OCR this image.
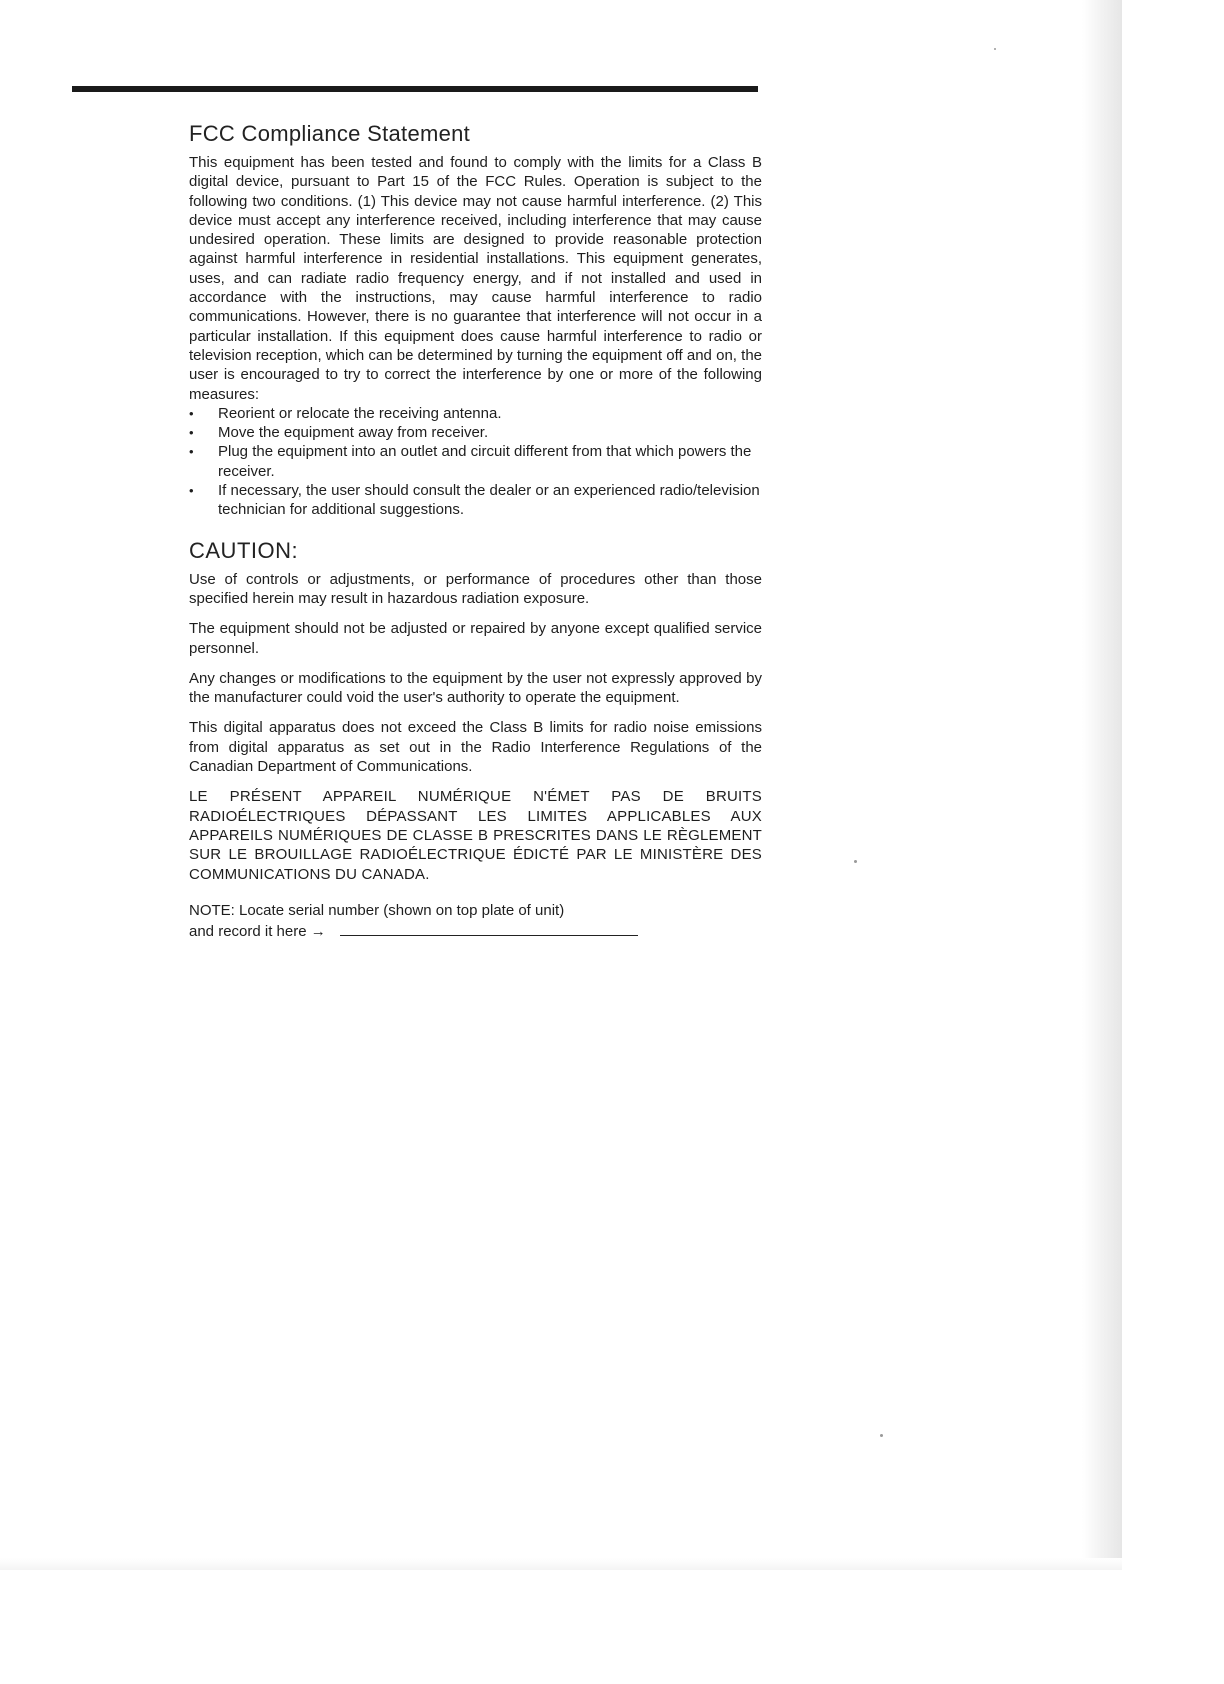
FCC Compliance Statement

This equipment has been tested and found to comply with the limits for a Class B digital device, pursuant to Part 15 of the FCC Rules. Operation is subject to the following two conditions. (1) This device may not cause harmful interference. (2) This device must accept any interference received, including interference that may cause undesired operation. These limits are designed to provide reasonable protection against harmful interference in residential installations. This equipment generates, uses, and can radiate radio frequency energy, and if not installed and used in accordance with the instructions, may cause harmful interference to radio communications. However, there is no guarantee that interference will not occur in a particular installation. If this equipment does cause harmful interference to radio or television reception, which can be determined by turning the equipment off and on, the user is encouraged to try to correct the interference by one or more of the following measures:

• Reorient or relocate the receiving antenna.
• Move the equipment away from receiver.
• Plug the equipment into an outlet and circuit different from that which powers the receiver.
• If necessary, the user should consult the dealer or an experienced radio/television technician for additional suggestions.
CAUTION:

Use of controls or adjustments, or performance of procedures other than those specified herein may result in hazardous radiation exposure.

The equipment should not be adjusted or repaired by anyone except qualified service personnel.

Any changes or modifications to the equipment by the user not expressly approved by the manufacturer could void the user's authority to operate the equipment.

This digital apparatus does not exceed the Class B limits for radio noise emissions from digital apparatus as set out in the Radio Interference Regulations of the Canadian Department of Communications.

LE PRÉSENT APPAREIL NUMÉRIQUE N'ÉMET PAS DE BRUITS RADIOÉLECTRIQUES DÉPASSANT LES LIMITES APPLICABLES AUX APPAREILS NUMÉRIQUES DE CLASSE B PRESCRITES DANS LE RÈGLEMENT SUR LE BROUILLAGE RADIOÉLECTRIQUE ÉDICTÉ PAR LE MINISTÈRE DES COMMUNICATIONS DU CANADA.

NOTE: Locate serial number (shown on top plate of unit)
and record it here →
